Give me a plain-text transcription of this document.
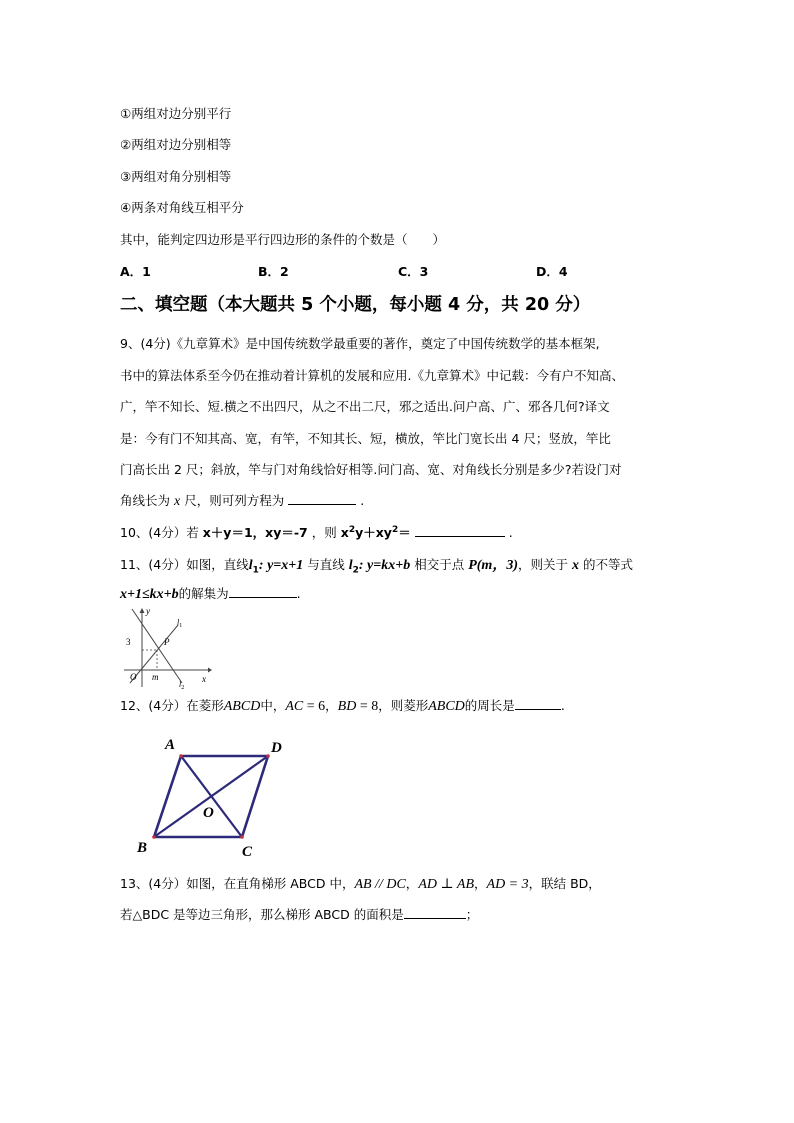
①两组对边分别平行
②两组对边分别相等
③两组对角分别相等
④两条对角线互相平分
其中，能判定四边形是平行四边形的条件的个数是（　　）
A．1	B．2	C．3	D．4
二、填空题（本大题共 5 个小题，每小题 4 分，共 20 分）
9、(4分)《九章算术》是中国传统数学最重要的著作，奠定了中国传统数学的基本框架,
书中的算法体系至今仍在推动着计算机的发展和应用.《九章算术》中记载：今有户不知高、
广，竿不知长、短.横之不出四尺，从之不出二尺，邪之适出.问户高、广、邪各几何?译文
是：今有门不知其高、宽，有竿，不知其长、短，横放，竿比门宽长出 4 尺；竖放，竿比
门高长出 2 尺；斜放，竿与门对角线恰好相等.问门高、宽、对角线长分别是多少?若设门对
角线长为 x 尺，则可列方程为	.
10、(4分）若 x＋y＝1，xy＝-7 ，则 $x^2y+xy^2=$	.
11、(4分）如图，直线$l_1$: y=x+1 与直线 $l_2$: y=kx+b 相交于点 P(m，3)，则关于 x 的不等式
x+1≤kx+b的解集为	.
y
x
3	P
O m
$l_1$
$l_2$
12、(4分）在菱形ABCD中，AC = 6，BD = 8，则菱形ABCD的周长是	.
A	D
B	C
O
13、(4分）如图，在直角梯形 ABCD 中，AB // DC，AD ⊥ AB，AD = 3，联结 BD，
若△BDC 是等边三角形，那么梯形 ABCD 的面积是	；
